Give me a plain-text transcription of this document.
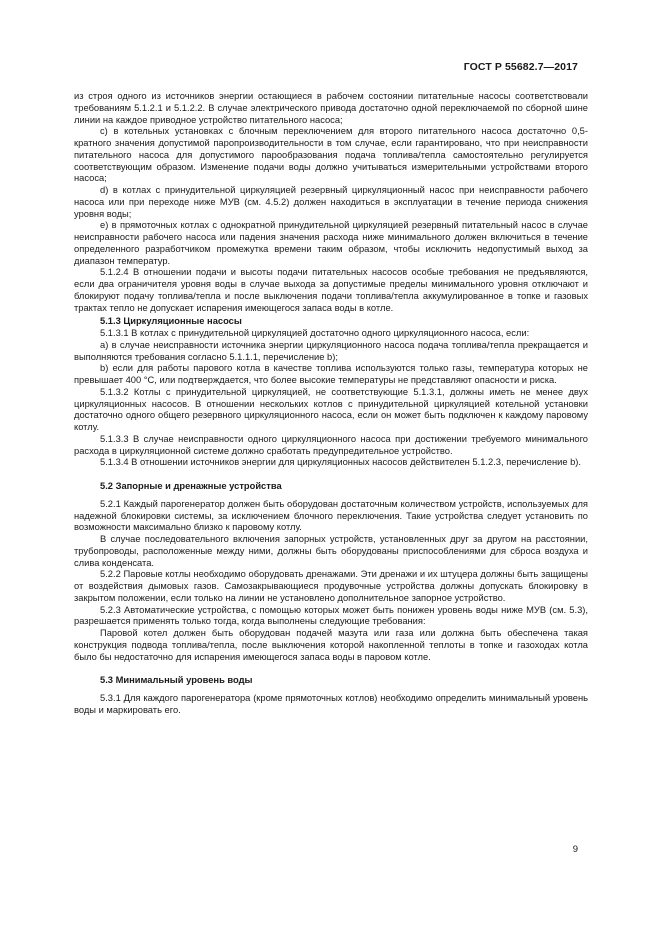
ГОСТ Р 55682.7—2017

из строя одного из источников энергии остающиеся в рабочем состоянии питательные насосы соответствовали требованиям 5.1.2.1 и 5.1.2.2. В случае электрического привода достаточно одной переключаемой по сборной шине линии на каждое приводное устройство питательного насоса;

c) в котельных установках с блочным переключением для второго питательного насоса достаточно 0,5-кратного значения допустимой паропроизводительности в том случае, если гарантировано, что при неисправности питательного насоса для допустимого парообразования подача топлива/тепла самостоятельно регулируется соответствующим образом. Изменение подачи воды должно учитываться измерительными устройствами второго насоса;

d) в котлах с принудительной циркуляцией резервный циркуляционный насос при неисправности рабочего насоса или при переходе ниже МУВ (см. 4.5.2) должен находиться в эксплуатации в течение периода снижения уровня воды;

e) в прямоточных котлах с однократной принудительной циркуляцией резервный питательный насос в случае неисправности рабочего насоса или падения значения расхода ниже минимального должен включиться в течение определенного разработчиком промежутка времени таким образом, чтобы исключить недопустимый выход за диапазон температур.

5.1.2.4 В отношении подачи и высоты подачи питательных насосов особые требования не предъявляются, если два ограничителя уровня воды в случае выхода за допустимые пределы минимального уровня отключают и блокируют подачу топлива/тепла и после выключения подачи топлива/тепла аккумулированное в топке и газовых трактах тепло не допускает испарения имеющегося запаса воды в котле.

5.1.3 Циркуляционные насосы

5.1.3.1 В котлах с принудительной циркуляцией достаточно одного циркуляционного насоса, если:

a) в случае неисправности источника энергии циркуляционного насоса подача топлива/тепла прекращается и выполняются требования согласно 5.1.1.1, перечисление b);

b) если для работы парового котла в качестве топлива используются только газы, температура которых не превышает 400 °C, или подтверждается, что более высокие температуры не представляют опасности и риска.

5.1.3.2 Котлы с принудительной циркуляцией, не соответствующие 5.1.3.1, должны иметь не менее двух циркуляционных насосов. В отношении нескольких котлов с принудительной циркуляцией котельной установки достаточно одного общего резервного циркуляционного насоса, если он может быть подключен к каждому паровому котлу.

5.1.3.3 В случае неисправности одного циркуляционного насоса при достижении требуемого минимального расхода в циркуляционной системе должно сработать предупредительное устройство.

5.1.3.4 В отношении источников энергии для циркуляционных насосов действителен 5.1.2.3, перечисление b).

5.2 Запорные и дренажные устройства

5.2.1 Каждый парогенератор должен быть оборудован достаточным количеством устройств, используемых для надежной блокировки системы, за исключением блочного переключения. Такие устройства следует установить по возможности максимально близко к паровому котлу.

В случае последовательного включения запорных устройств, установленных друг за другом на расстоянии, трубопроводы, расположенные между ними, должны быть оборудованы приспособлениями для сброса воздуха и слива конденсата.

5.2.2 Паровые котлы необходимо оборудовать дренажами. Эти дренажи и их штуцера должны быть защищены от воздействия дымовых газов. Самозакрывающиеся продувочные устройства должны допускать блокировку в закрытом положении, если только на линии не установлено дополнительное запорное устройство.

5.2.3 Автоматические устройства, с помощью которых может быть понижен уровень воды ниже МУВ (см. 5.3), разрешается применять только тогда, когда выполнены следующие требования:

Паровой котел должен быть оборудован подачей мазута или газа или должна быть обеспечена такая конструкция подвода топлива/тепла, после выключения которой накопленной теплоты в топке и газоходах котла было бы недостаточно для испарения имеющегося запаса воды в паровом котле.

5.3 Минимальный уровень воды

5.3.1 Для каждого парогенератора (кроме прямоточных котлов) необходимо определить минимальный уровень воды и маркировать его.

9
